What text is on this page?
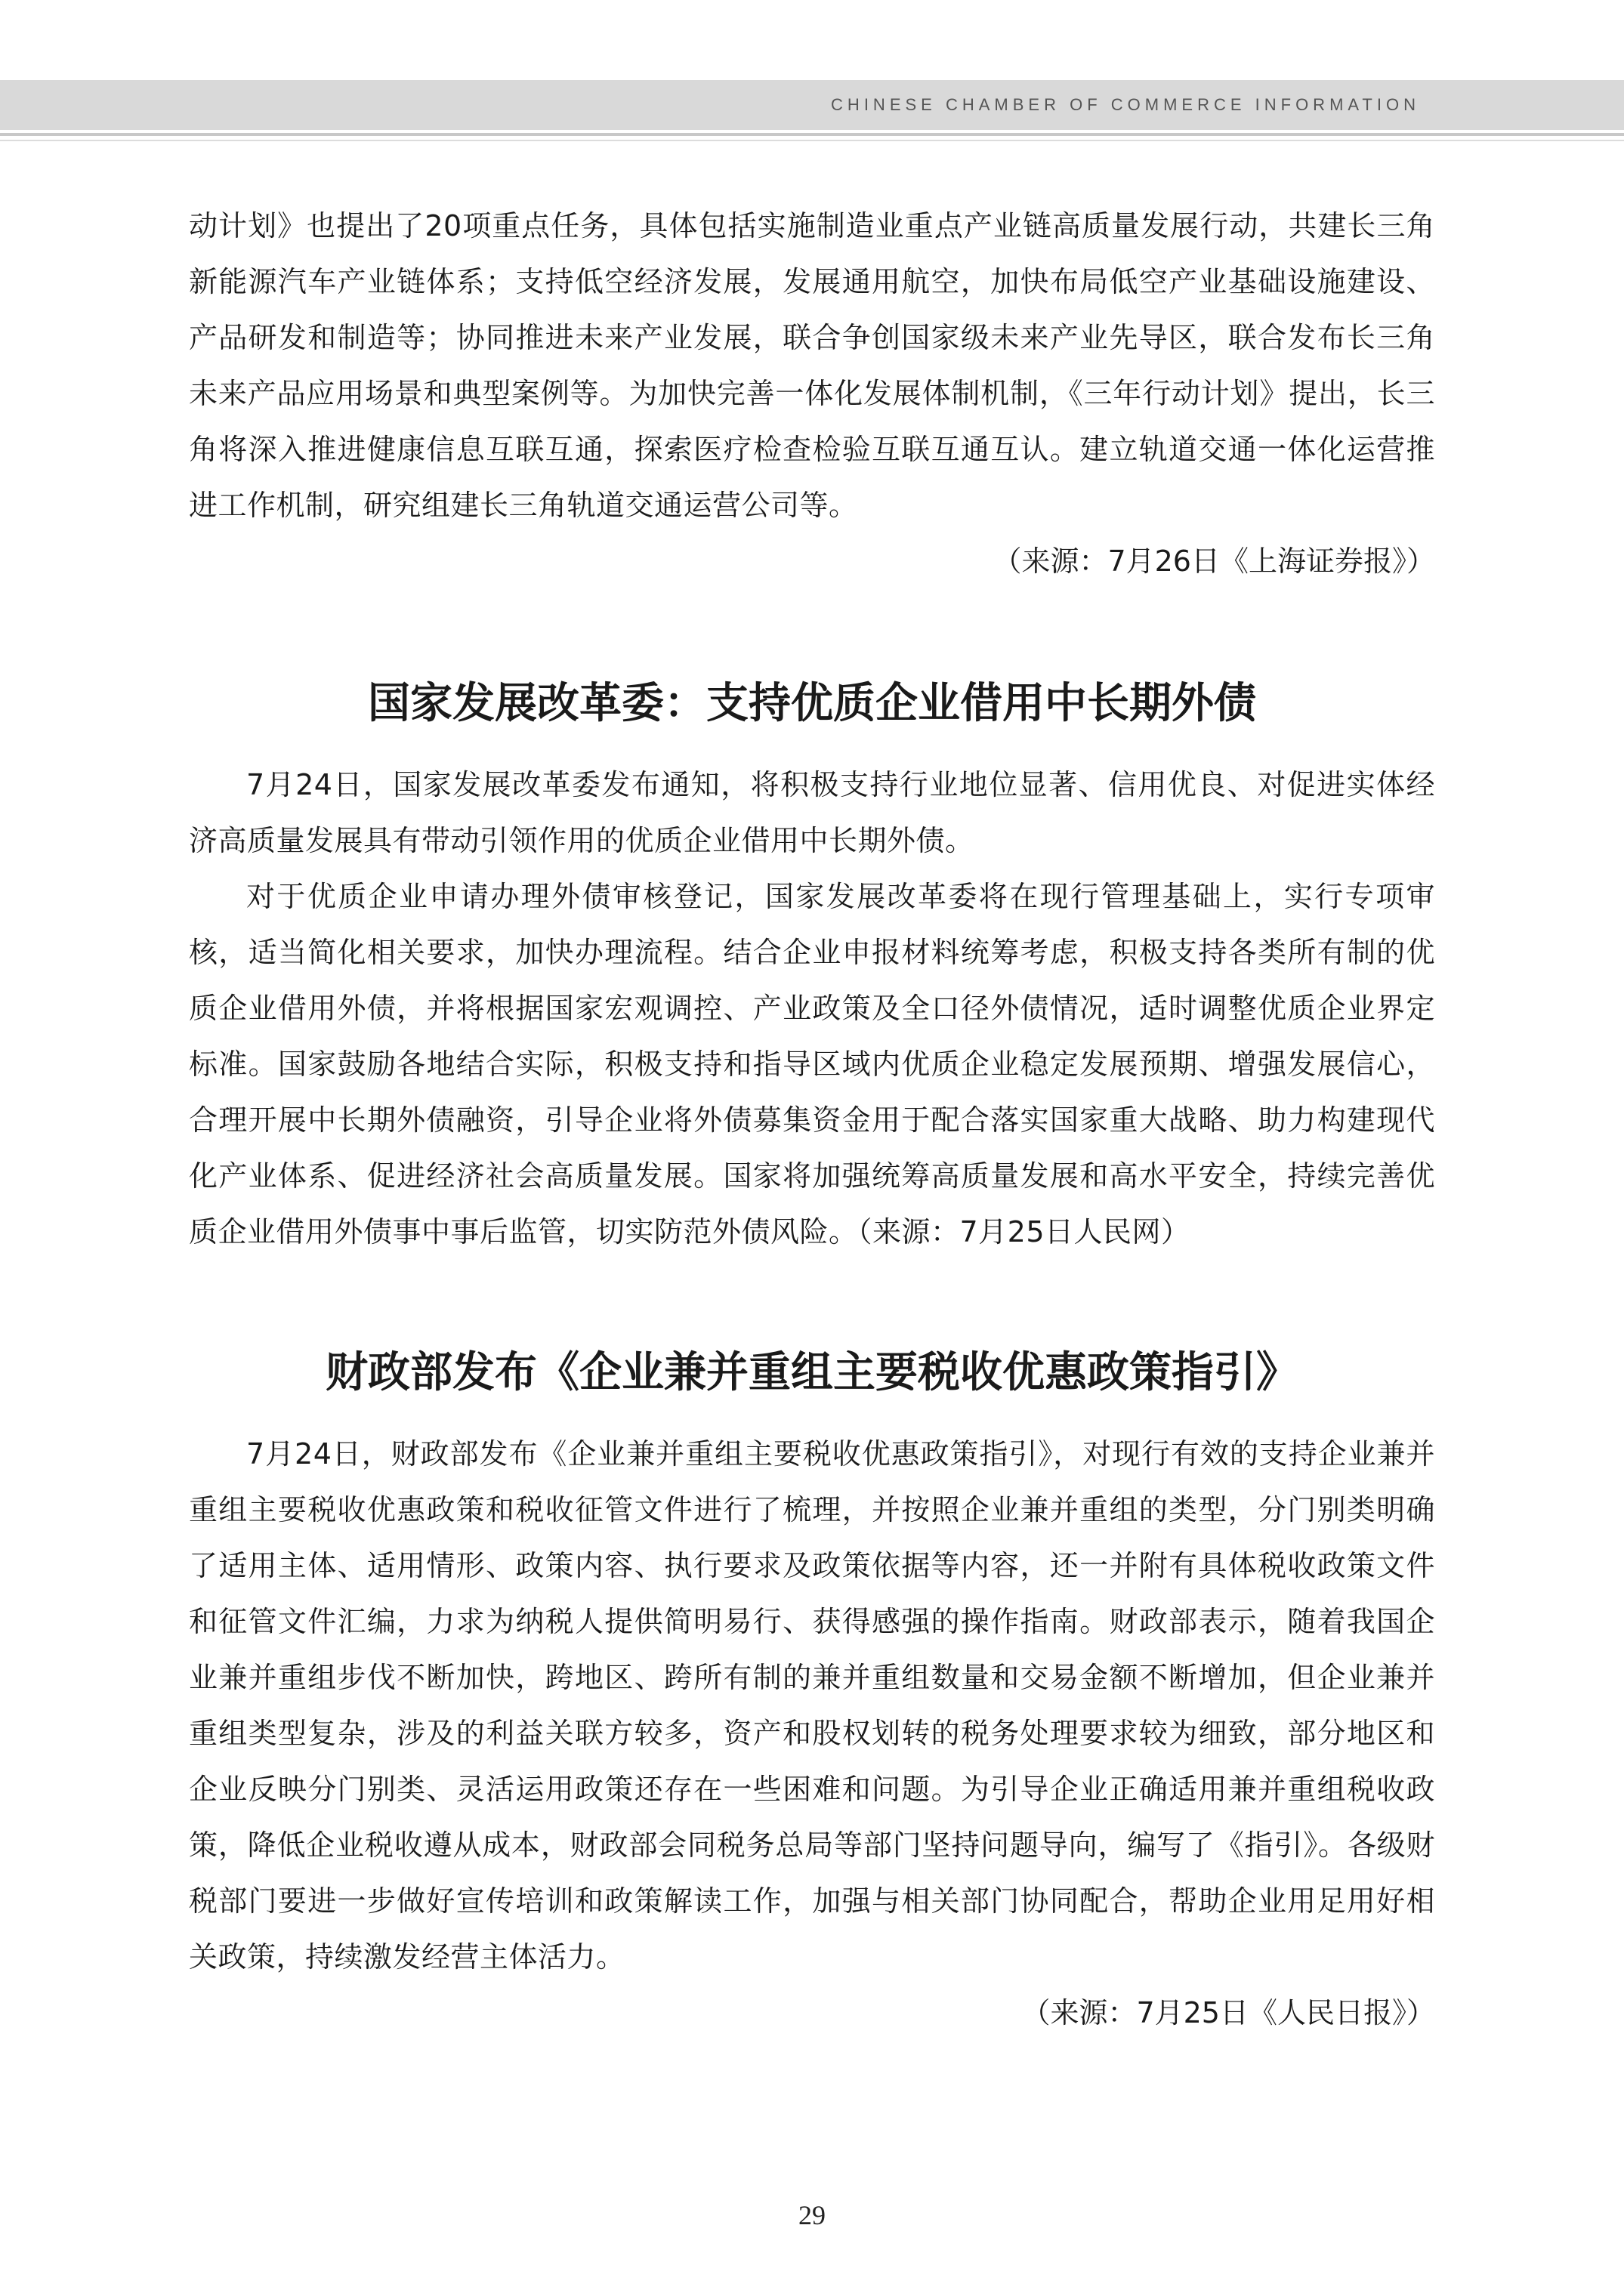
CHINESE CHAMBER OF COMMERCE INFORMATION

动计划》也提出了20项重点任务，具体包括实施制造业重点产业链高质量发展行动，共建长三角新能源汽车产业链体系；支持低空经济发展，发展通用航空，加快布局低空产业基础设施建设、产品研发和制造等；协同推进未来产业发展，联合争创国家级未来产业先导区，联合发布长三角未来产品应用场景和典型案例等。为加快完善一体化发展体制机制，《三年行动计划》提出，长三角将深入推进健康信息互联互通，探索医疗检查检验互联互通互认。建立轨道交通一体化运营推进工作机制，研究组建长三角轨道交通运营公司等。

（来源：7月26日《上海证券报》）

国家发展改革委：支持优质企业借用中长期外债

7月24日，国家发展改革委发布通知，将积极支持行业地位显著、信用优良、对促进实体经济高质量发展具有带动引领作用的优质企业借用中长期外债。

对于优质企业申请办理外债审核登记，国家发展改革委将在现行管理基础上，实行专项审核，适当简化相关要求，加快办理流程。结合企业申报材料统筹考虑，积极支持各类所有制的优质企业借用外债，并将根据国家宏观调控、产业政策及全口径外债情况，适时调整优质企业界定标准。国家鼓励各地结合实际，积极支持和指导区域内优质企业稳定发展预期、增强发展信心，合理开展中长期外债融资，引导企业将外债募集资金用于配合落实国家重大战略、助力构建现代化产业体系、促进经济社会高质量发展。国家将加强统筹高质量发展和高水平安全，持续完善优质企业借用外债事中事后监管，切实防范外债风险。（来源：7月25日人民网）

财政部发布《企业兼并重组主要税收优惠政策指引》

7月24日，财政部发布《企业兼并重组主要税收优惠政策指引》，对现行有效的支持企业兼并重组主要税收优惠政策和税收征管文件进行了梳理，并按照企业兼并重组的类型，分门别类明确了适用主体、适用情形、政策内容、执行要求及政策依据等内容，还一并附有具体税收政策文件和征管文件汇编，力求为纳税人提供简明易行、获得感强的操作指南。财政部表示，随着我国企业兼并重组步伐不断加快，跨地区、跨所有制的兼并重组数量和交易金额不断增加，但企业兼并重组类型复杂，涉及的利益关联方较多，资产和股权划转的税务处理要求较为细致，部分地区和企业反映分门别类、灵活运用政策还存在一些困难和问题。为引导企业正确适用兼并重组税收政策，降低企业税收遵从成本，财政部会同税务总局等部门坚持问题导向，编写了《指引》。各级财税部门要进一步做好宣传培训和政策解读工作，加强与相关部门协同配合，帮助企业用足用好相关政策，持续激发经营主体活力。

（来源：7月25日《人民日报》）

29
